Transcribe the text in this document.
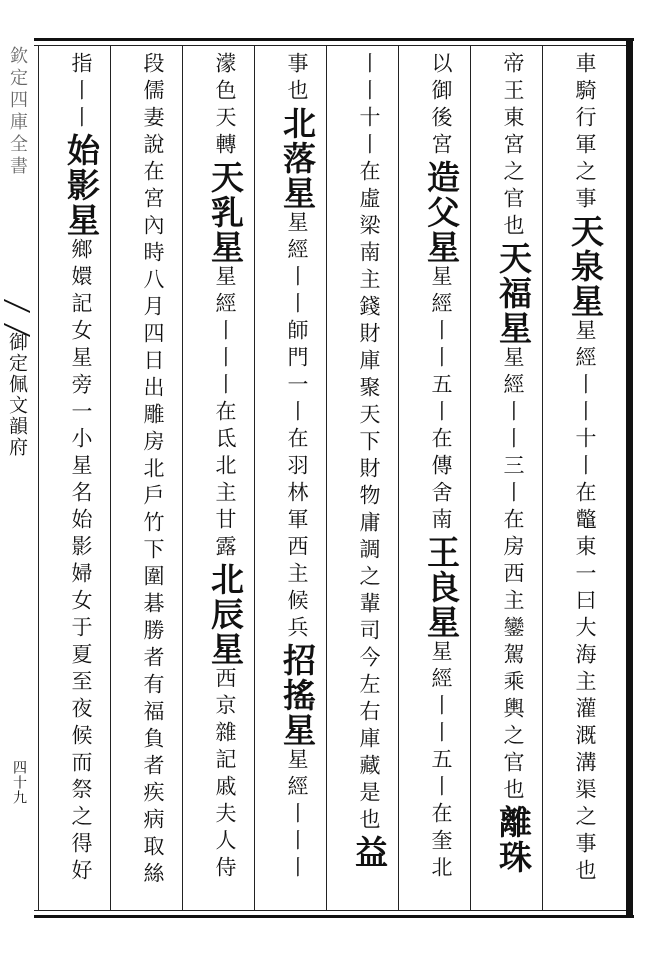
欽定四庫全書
御定佩文韻府
四十九
車騎行軍之事天泉星星經丨丨十丨在鼈東一曰大海主灌溉溝渠之事也
帝王東宮之官也天福星星經丨丨三丨在房西主鑾駕乘輿之官也離珠
以御後宮造父星星經丨丨五丨在傳舍南王良星星經丨丨五丨在奎北
丨丨十丨在虛梁南主錢財庫聚天下財物庸調之輩司今左右庫藏是也益
事也北落星星經丨丨師門一丨在羽林軍西主候兵招搖星星經丨丨丨
濛色天轉天乳星星經丨丨丨在氐北主甘露北辰星西京雜記戚夫人侍
段儒妻說在宮內時八月四日出雕房北戶竹下圍碁勝者有福負者疾病取絲
指丨丨始影星鄉嬛記女星旁一小星名始影婦女于夏至夜候而祭之得好
